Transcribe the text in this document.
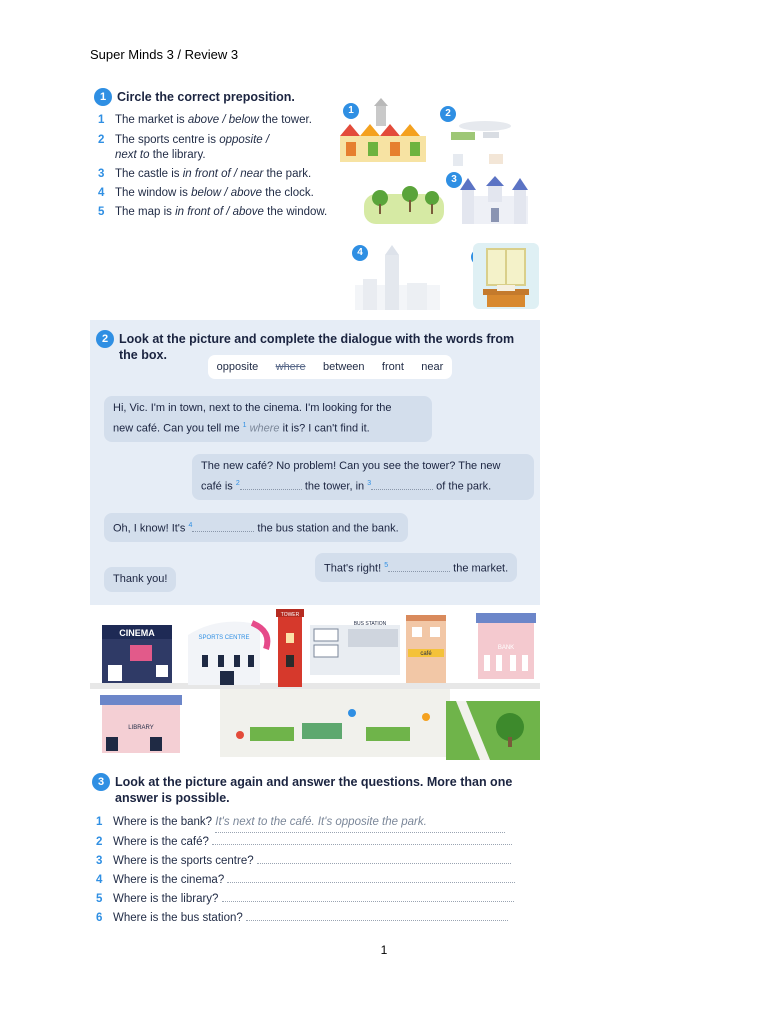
Super Minds 3 / Review 3
1 Circle the correct preposition.
1 The market is above / below the tower.
2 The sports centre is opposite /
next to the library.
3 The castle is in front of / near the park.
4 The window is below / above the clock.
5 The map is in front of / above the window.
1	2
3
4
2 Look at the picture and complete the dialogue with the words from the box.
opposite where between front near
Hi, Vic. I'm in town, next to the cinema. I'm looking for the
new café. Can you tell me $^1$ where it is? I can't find it.
The new café? No problem! Can you see the tower? The new
café is $^2$	the tower, in $^3$	of the park.
Oh, I know! It's $^4$	the bus station and the bank.
That's right! $^5$	the market.
Thank you!
CINEMA	SPORTS CENTRE
TOWER
BUS STATION
café
BANK
LIBRARY
3 Look at the picture again and answer the questions. More than one answer is possible.
1 Where is the bank? It's next to the café. It's opposite the park.
2 Where is the café?
3 Where is the sports centre?
4 Where is the cinema?
5 Where is the library?
6 Where is the bus station?
1
